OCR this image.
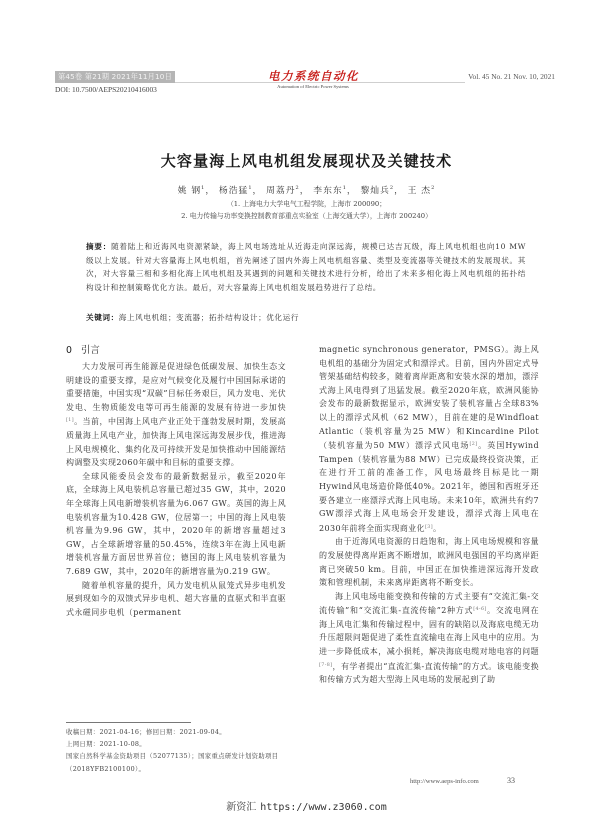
第45卷 第21期 2021年11月10日	电力系统自动化
Automation of Electric Power Systems
Vol. 45 No. 21 Nov. 10, 2021
DOI: 10.7500/AEPS20210416003
大容量海上风电机组发展现状及关键技术
姚 钢$^1$， 杨浩猛$^1$， 周荔丹$^2$， 李东东$^1$， 黎灿兵$^2$， 王 杰$^2$
（1. 上海电力大学电气工程学院，上海市 200090；
2. 电力传输与功率变换控制教育部重点实验室（上海交通大学），上海市 200240）
摘要：随着陆上和近海风电资源紧缺，海上风电场选址从近海走向深远海，规模已达吉瓦级，海上风电机组也向10 MW级以上发展。针对大容量海上风电机组，首先阐述了国内外海上风电机组容量、类型及变流器等关键技术的发展现状。其次，对大容量三相和多相化海上风电机组及其遇到的问题和关键技术进行分析，给出了未来多相化海上风电机组的拓扑结构设计和控制策略优化方法。最后，对大容量海上风电机组发展趋势进行了总结。
关键词：海上风电机组；变流器；拓扑结构设计；优化运行
0 引言

大力发展可再生能源是促进绿色低碳发展、加快生态文明建设的重要支撑，是应对气候变化及履行中国国际承诺的重要措施，中国实现“双碳”目标任务艰巨，风力发电、光伏发电、生物质能发电等可再生能源的发展有待进一步加快[1]。当前，中国海上风电产业正处于蓬勃发展时期，发展高质量海上风电产业，加快海上风电深远海发展步伐，推进海上风电规模化、集约化及可持续开发是加快推动中国能源结构调整及实现2060年碳中和目标的重要支撑。

全球风能委员会发布的最新数据显示，截至2020年底，全球海上风电装机总容量已超过35 GW，其中，2020年全球海上风电新增装机容量为6.067 GW。英国的海上风电装机容量为10.428 GW，位居第一；中国的海上风电装机容量为9.96 GW，其中，2020年的新增容量超过3 GW，占全球新增容量的50.45%，连续3年在海上风电新增装机容量方面居世界首位；德国的海上风电装机容量为7.689 GW，其中，2020年的新增容量为0.219 GW。

随着单机容量的提升，风力发电机从鼠笼式异步电机发展到现如今的双馈式异步电机、超大容量的直驱式和半直驱式永磁同步电机（permanent

magnetic synchronous generator，PMSG）。海上风电机组的基础分为固定式和漂浮式。目前，国内外固定式导管架基础结构较多，随着离岸距离和安装水深的增加，漂浮式海上风电得到了迅猛发展。截至2020年底，欧洲风能协会发布的最新数据显示，欧洲安装了装机容量占全球83%以上的漂浮式风机（62 MW），目前在建的是Windfloat Atlantic（装机容量为25 MW）和Kincardine Pilot（装机容量为50 MW）漂浮式风电场[2]。英国Hywind Tampen（装机容量为88 MW）已完成最终投资决策，正在进行开工前的准备工作，风电场最终目标是比一期Hywind风电场造价降低40%。2021年，德国和西班牙还要各建立一座漂浮式海上风电场。未来10年，欧洲共有约7 GW漂浮式海上风电场会开发建设，漂浮式海上风电在2030年前将全面实现商业化[3]。

由于近海风电资源的日趋饱和，海上风电场规模和容量的发展使得离岸距离不断增加，欧洲风电强国的平均离岸距离已突破50 km。目前，中国正在加快推进深远海开发政策和管理机制，未来离岸距离将不断变长。

海上风电场电能变换和传输的方式主要有“交流汇集-交流传输”和“交流汇集-直流传输”2种方式[4-6]。交流电网在海上风电汇集和传输过程中，固有的缺陷以及海底电缆无功升压超限问题促进了柔性直流输电在海上风电中的应用。为进一步降低成本，减小损耗，解决海底电缆对地电容的问题[7-8]，有学者提出“直流汇集-直流传输”的方式。该电能变换和传输方式为超大型海上风电场的发展起到了助

收稿日期：2021-04-16；修回日期：2021-09-04。
上网日期：2021-10-08。
国家自然科学基金资助项目（52077135）；国家重点研发计划资助项目（2018YFB2100100）。
http://www.aeps-info.com	33
新资汇 https://www.z3060.com
